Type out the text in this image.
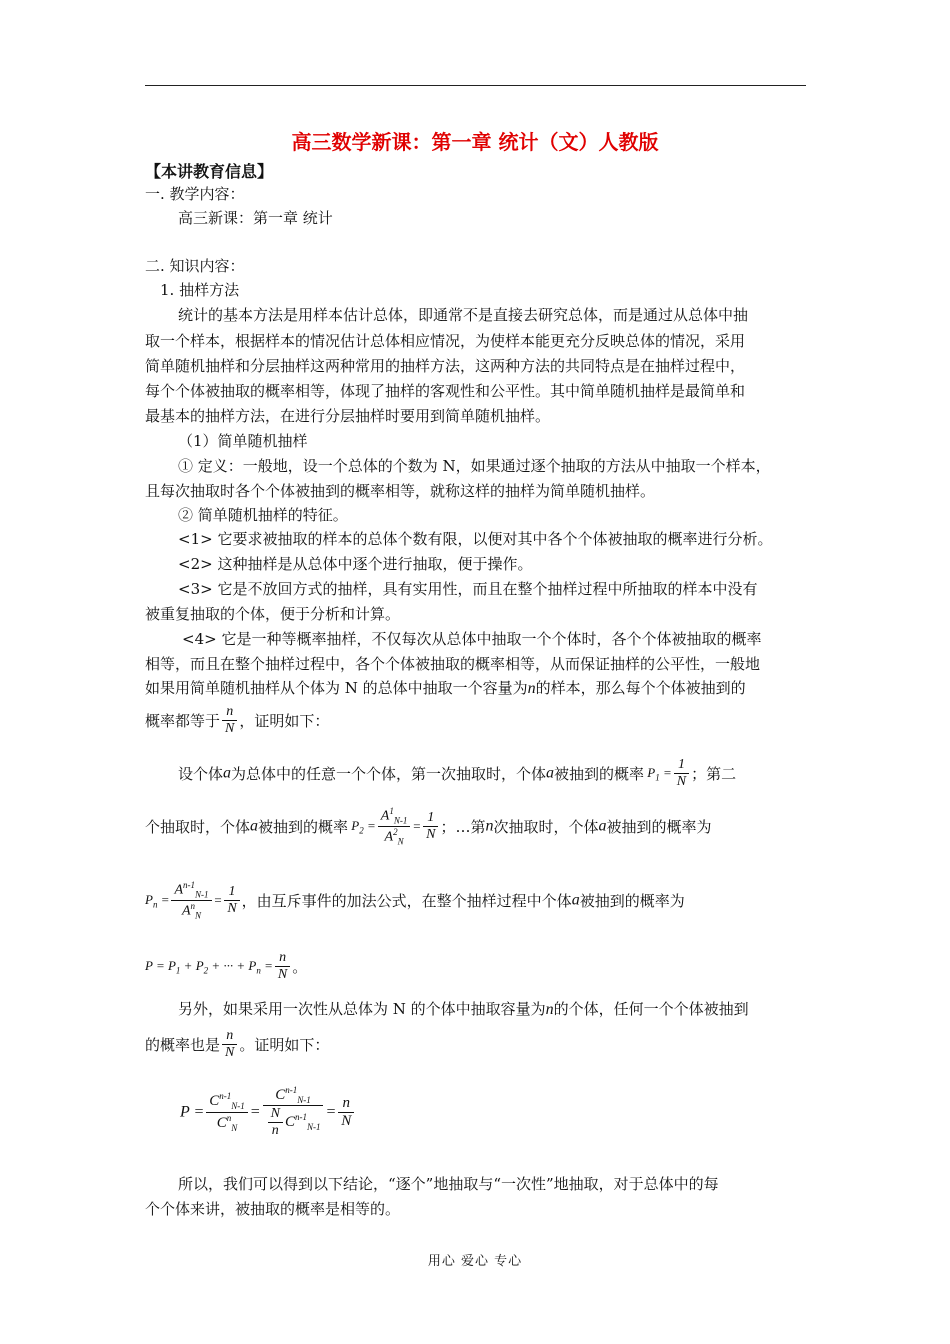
高三数学新课：第一章 统计（文）人教版
【本讲教育信息】
一. 教学内容：
高三新课：第一章 统计
二. 知识内容：
1. 抽样方法
统计的基本方法是用样本估计总体，即通常不是直接去研究总体，而是通过从总体中抽
取一个样本，根据样本的情况估计总体相应情况，为使样本能更充分反映总体的情况，采用
简单随机抽样和分层抽样这两种常用的抽样方法，这两种方法的共同特点是在抽样过程中，
每个个体被抽取的概率相等，体现了抽样的客观性和公平性。其中简单随机抽样是最简单和
最基本的抽样方法，在进行分层抽样时要用到简单随机抽样。
（1）简单随机抽样
① 定义：一般地，设一个总体的个数为 N，如果通过逐个抽取的方法从中抽取一个样本，
且每次抽取时各个个体被抽到的概率相等，就称这样的抽样为简单随机抽样。
② 简单随机抽样的特征。
<1> 它要求被抽取的样本的总体个数有限，以便对其中各个个体被抽取的概率进行分析。
<2> 这种抽样是从总体中逐个进行抽取，便于操作。
<3> 它是不放回方式的抽样，具有实用性，而且在整个抽样过程中所抽取的样本中没有
被重复抽取的个体，便于分析和计算。
<4> 它是一种等概率抽样，不仅每次从总体中抽取一个个体时，各个个体被抽取的概率
相等，而且在整个抽样过程中，各个个体被抽取的概率相等，从而保证抽样的公平性，一般地
如果用简单随机抽样从个体为 N 的总体中抽取一个容量为n的样本，那么每个个体被抽到的
概率都等于 $\frac{n}{N}$ ，证明如下：
设个体a为总体中的任意一个个体，第一次抽取时，个体a被抽到的概率 $P_1 = \frac{1}{N}$ ；第二
个抽取时，个体a被抽到的概率 $P_2 = \frac{A^1_{N-1}}{A^2_N} = \frac{1}{N}$ ；…第n次抽取时，个体a被抽到的概率为
$P_n = \frac{A^{n-1}_{N-1}}{A^n_N} = \frac{1}{N}$ ，由互斥事件的加法公式，在整个抽样过程中个体a被抽到的概率为
$P = P_1 + P_2$ + ··· + $P_n = \frac{n}{N}$ 。
另外，如果采用一次性从总体为 N 的个体中抽取容量为n的个体，任何一个个体被抽到
的概率也是 $\frac{n}{N}$ 。证明如下：
$P = \frac{C^{n-1}_{N-1}}{C^n_N} = \frac{C^{n-1}_{N-1}}{\frac{N}{n} C^{n-1}_{N-1}} = \frac{n}{N}$
所以，我们可以得到以下结论，“逐个”地抽取与“一次性”地抽取，对于总体中的每
个个体来讲，被抽取的概率是相等的。
用心 爱心 专心
